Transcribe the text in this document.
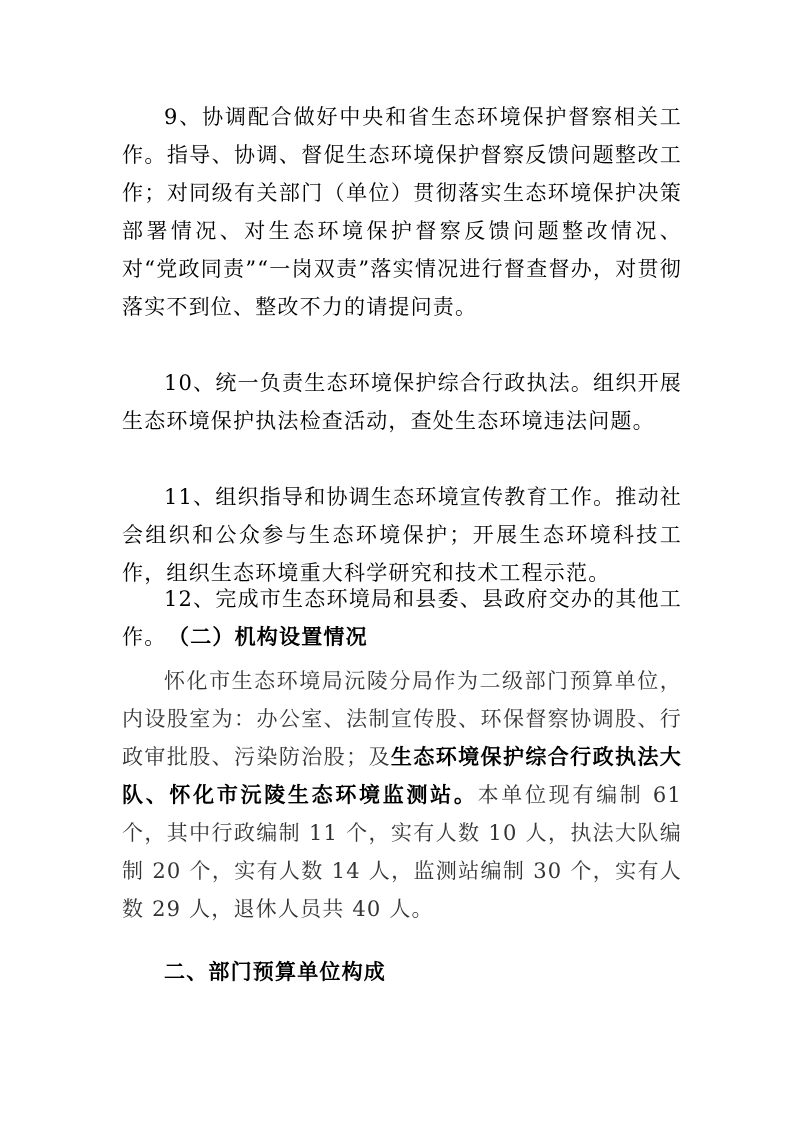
9、协调配合做好中央和省生态环境保护督察相关工作。指导、协调、督促生态环境保护督察反馈问题整改工作；对同级有关部门（单位）贯彻落实生态环境保护决策部署情况、对生态环境保护督察反馈问题整改情况、对“党政同责”“一岗双责”落实情况进行督查督办，对贯彻落实不到位、整改不力的请提问责。

10、统一负责生态环境保护综合行政执法。组织开展生态环境保护执法检查活动，查处生态环境违法问题。

11、组织指导和协调生态环境宣传教育工作。推动社会组织和公众参与生态环境保护；开展生态环境科技工作，组织生态环境重大科学研究和技术工程示范。

12、完成市生态环境局和县委、县政府交办的其他工作。 （二）机构设置情况

怀化市生态环境局沅陵分局作为二级部门预算单位，内设股室为：办公室、法制宣传股、环保督察协调股、行政审批股、污染防治股；及生态环境保护综合行政执法大队、怀化市沅陵生态环境监测站。本单位现有编制 61 个，其中行政编制 11 个，实有人数 10 人，执法大队编制 20 个，实有人数 14 人，监测站编制 30 个，实有人数 29 人，退休人员共 40 人。

二、部门预算单位构成
